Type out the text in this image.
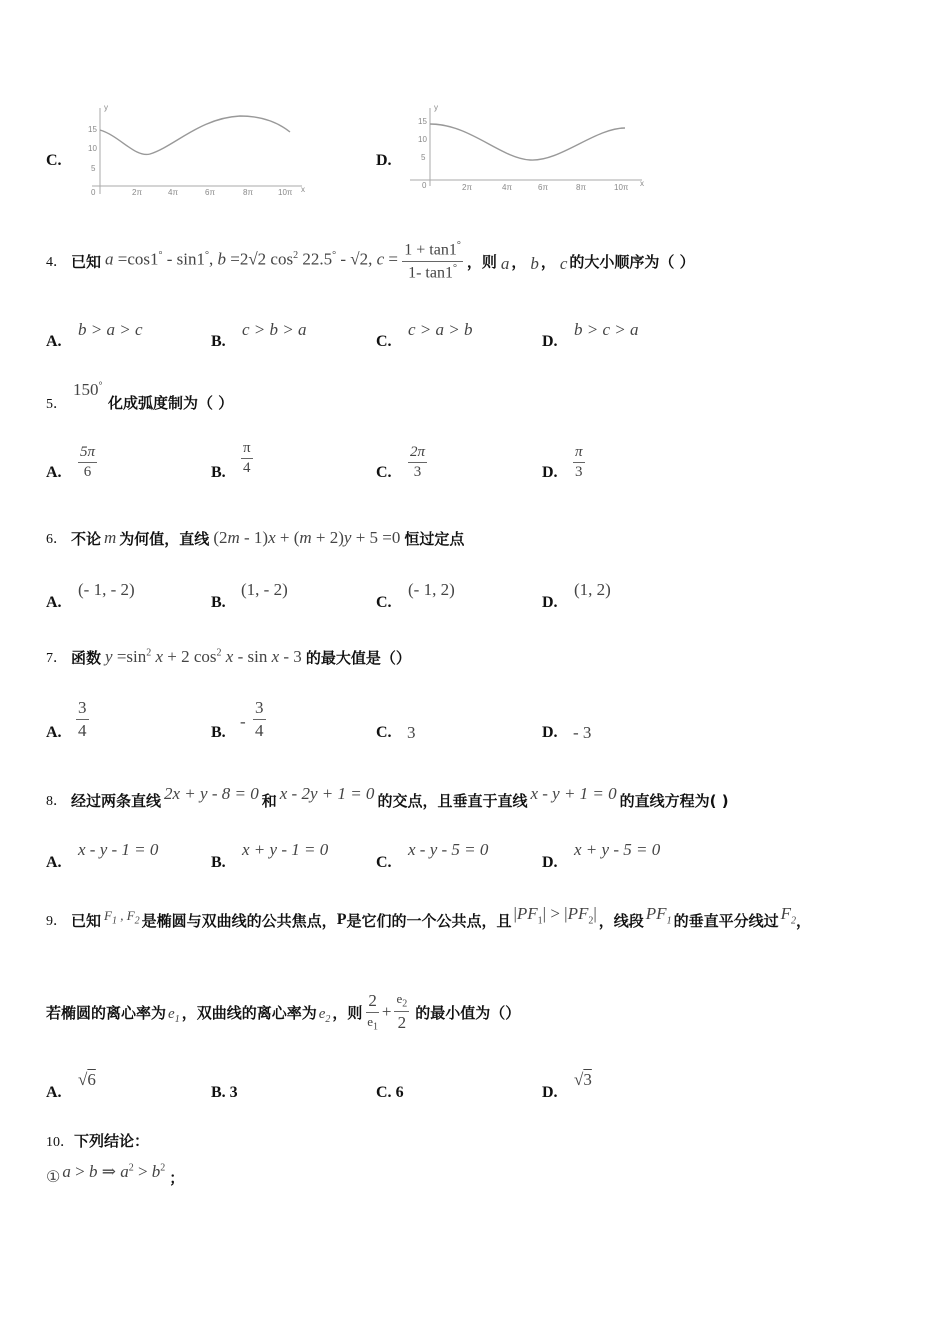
C.
y
x
15
10
5
0	2π	4π	6π	8π	10π
D.
y
x
15
10
5
0	2π	4π	6π	8π	10π
4． 已知 a =cos1° - sin1°, b =2√2 $\cos^2 22.5^\circ - √2$, $c = \frac{1 + \tan 1^\circ}{1- \tan 1^\circ}$ ，则 a ， b ， c 的大小顺序为（ ）
A.
b > a > c
B.
c > b > a
C.
c > a > b
D.
b > c > a
5．
150°
化成弧度制为（ ）
A. $\frac{5\pi}{6}$	B. $\frac{\pi}{4}$	C. $\frac{2\pi}{3}$	D. $\frac{\pi}{3}$
6． 不论 m 为何值，直线 (2m - 1)x + (m + 2)y + 5 =0 恒过定点
A.
(- 1, - 2)
B.
(1, - 2)
C.
(- 1, 2)
D.
(1, 2)
7． 函数 $y =\sin^2$ x + 2 $\cos^2 x$ - sin x - 3 的最大值是（）
A. $\frac{3}{4}$	B.
- $\frac{3}{4}$	C. 3	D. - 3
8． 经过两条直线 2x + y - 8 = 0 和 x - 2y + 1 = 0 的交点，且垂直于直线 x - y + 1 = 0 的直线方程为( )
A.
x - y - 1 = 0
B.
x + y - 1 = 0
C.
x - y - 5 = 0
D.
x + y - 5 = 0
9． 已知 $F_1$ , $F_2$ 是椭圆与双曲线的公共焦点， P 是它们的一个公共点，且 $|PF_1| > |PF_2|$ ，线段 $PF_1$ 的垂直平分线过 $F_2$ ，
若椭圆的离心率为 $e_1$ ，双曲线的离心率为 $e_2$ ，则 $\frac{2}{e_1} + \frac{e_2}{2}$ 的最小值为（）
A.
√6
B. 3	C. 6	D.
√3
10． 下列结论：
① a > b ⇒ $a^2 > b^2$
；
